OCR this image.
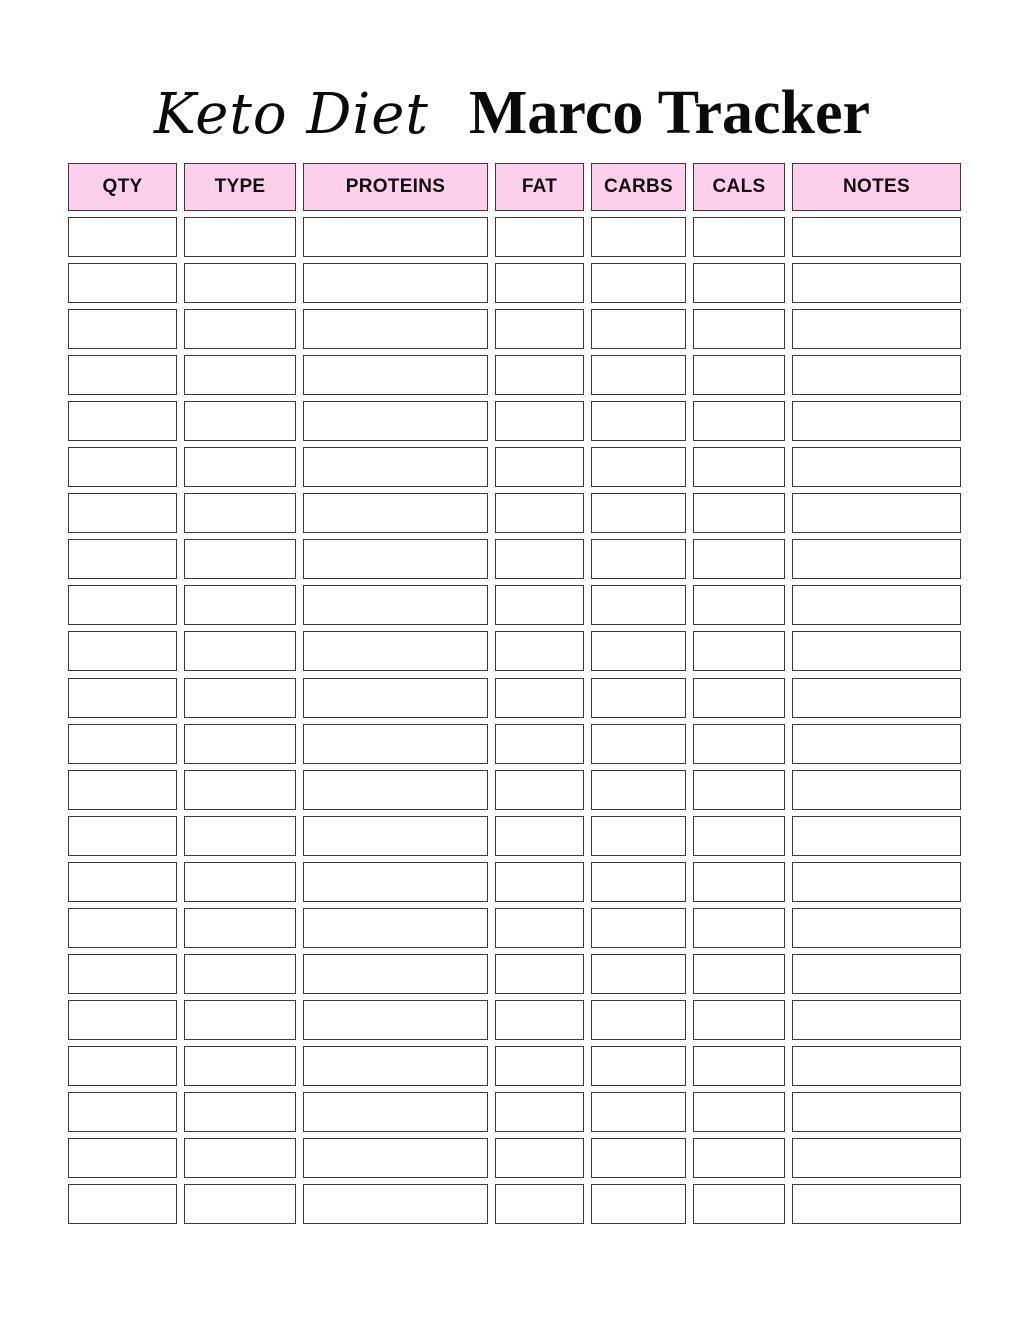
Keto Diet Marco Tracker
QTY	TYPE	PROTEINS	FAT	CARBS	CALS	NOTES
